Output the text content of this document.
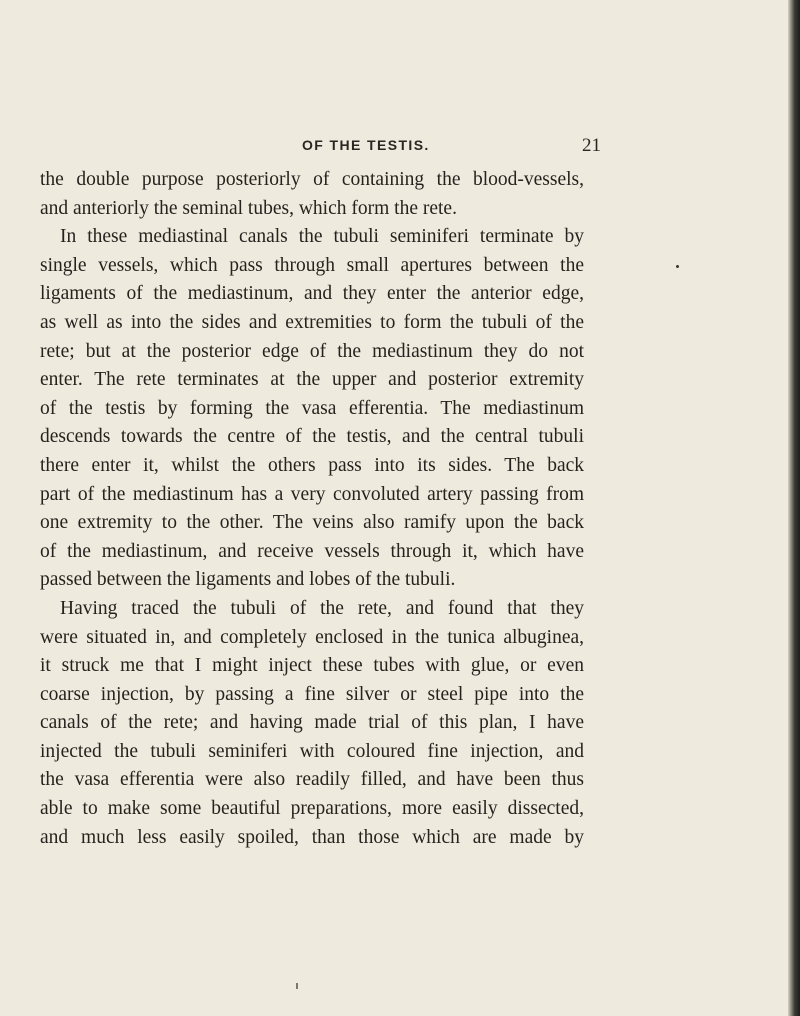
OF THE TESTIS.	21
the double purpose posteriorly of containing the blood-vessels,
and anteriorly the seminal tubes, which form the rete.
In these mediastinal canals the tubuli seminiferi terminate by
single vessels, which pass through small apertures between the
ligaments of the mediastinum, and they enter the anterior edge,
as well as into the sides and extremities to form the tubuli of the
rete; but at the posterior edge of the mediastinum they do not
enter. The rete terminates at the upper and posterior extremity
of the testis by forming the vasa efferentia. The mediastinum
descends towards the centre of the testis, and the central tubuli
there enter it, whilst the others pass into its sides. The back
part of the mediastinum has a very convoluted artery passing from
one extremity to the other. The veins also ramify upon the back
of the mediastinum, and receive vessels through it, which have
passed between the ligaments and lobes of the tubuli.
Having traced the tubuli of the rete, and found that they
were situated in, and completely enclosed in the tunica albuginea,
it struck me that I might inject these tubes with glue, or even
coarse injection, by passing a fine silver or steel pipe into the
canals of the rete; and having made trial of this plan, I have
injected the tubuli seminiferi with coloured fine injection, and
the vasa efferentia were also readily filled, and have been thus
able to make some beautiful preparations, more easily dissected,
and much less easily spoiled, than those which are made by
